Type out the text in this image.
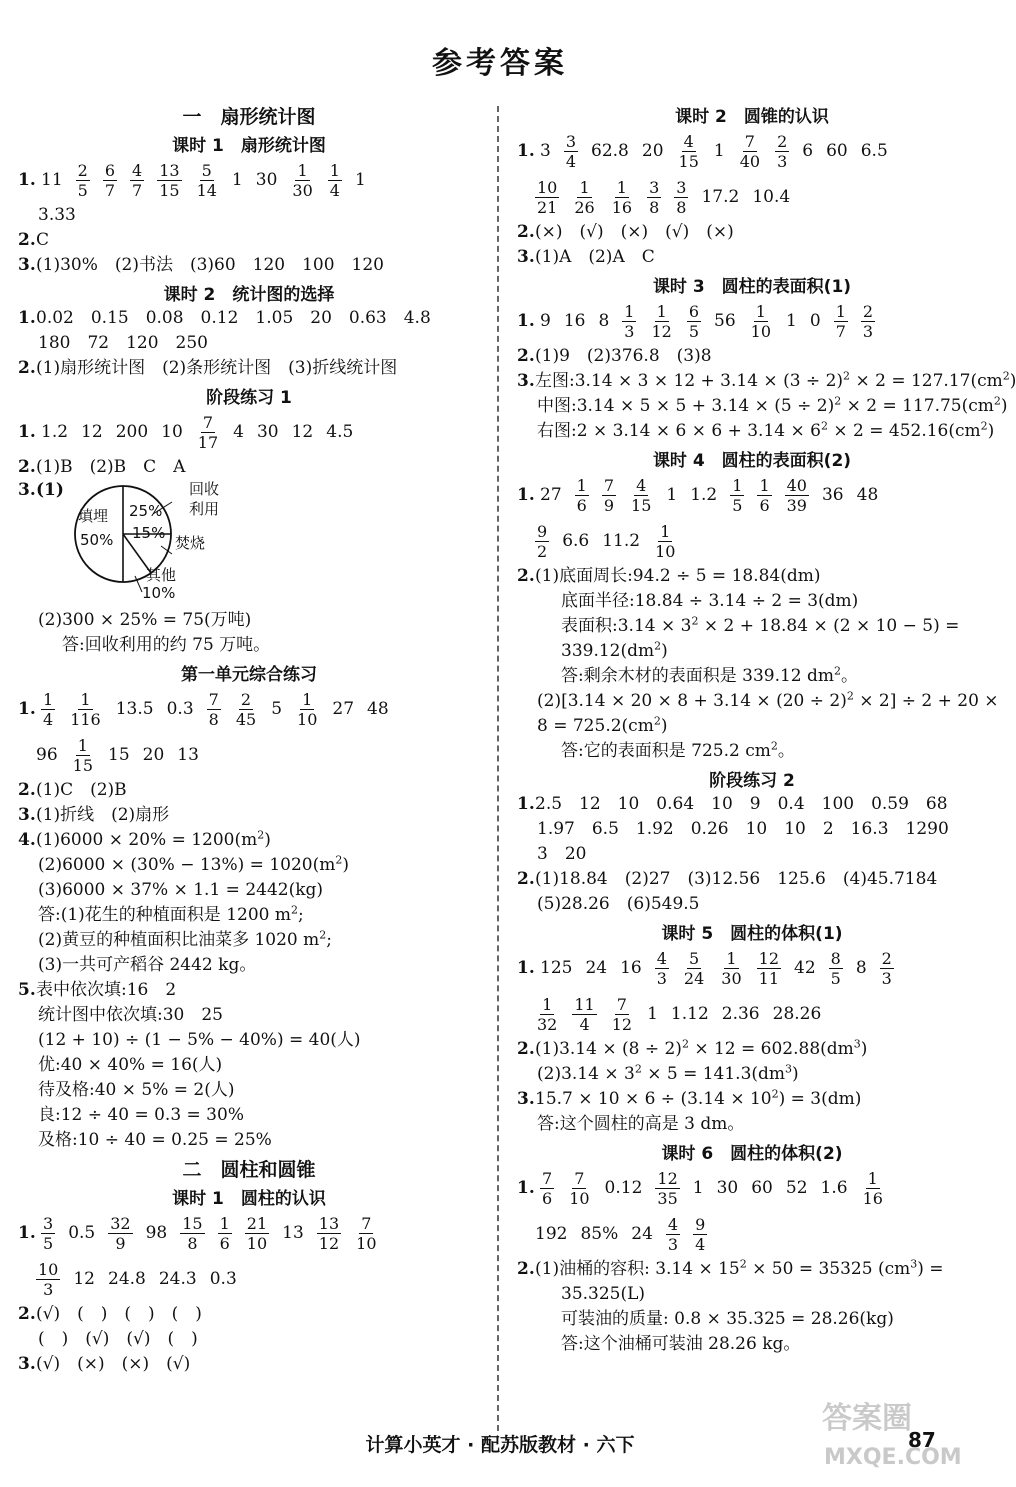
参考答案
一　扇形统计图
课时 1　扇形统计图
1. $11 \frac{2}{5} \frac{6}{7} \frac{4}{7} \frac{13}{15} \frac{5}{14} 1$ $30 \frac{1}{30} \frac{1}{4} 1$
3.33
2.C
3.(1)30%　(2)书法　(3)60　120　100　120
课时 2　统计图的选择
1.0.02　0.15　0.08　0.12　1.05　20　0.63　4.8
180　72　120　250
2.(1)扇形统计图　(2)条形统计图　(3)折线统计图
阶段练习 1
1. 1.2 12 200 $10 \frac{7}{17} 4$ 30 12 4.5
2.(1)B　(2)B　C　A
3.(1)	回收
利用
25%
填埋
50% 15%
焚烧
其他
10%
(2)300 × 25% = 75(万吨)
答:回收利用的约 75 万吨。
第一单元综合练习
1. $\frac{1}{4} \frac{1}{116} 13.5$ $0.3 \frac{7}{8} \frac{2}{45} 5 \frac{1}{10} 27$ 48
$96 \frac{1}{15} 15$ 20 13
2.(1)C　(2)B
3.(1)折线　(2)扇形
$4.(1)6000 \times 20\% = 1200(m^2)$
$(2)6000 \times (30\% - 13\%) = 1020(m^2)$
(3)6000 × 37% × 1.1 = 2442(kg)
答:(1)花生的种植面积是 1200 $m^2$;
(2)黄豆的种植面积比油菜多 1020 $m^2$;
(3)一共可产稻谷 2442 kg。
5.表中依次填:16　2
统计图中依次填:30　25
(12 + 10) ÷ (1 − 5% − 40%) = 40(人)
优:40 × 40% = 16(人)
待及格:40 × 5% = 2(人)
良:12 ÷ 40 = 0.3 = 30%
及格:10 ÷ 40 = 0.25 = 25%
二　圆柱和圆锥
课时 1　圆柱的认识
1. $\frac{3}{5} 0.5 \frac{32}{9} 98 \frac{15}{8} \frac{1}{6} \frac{21}{10} 13 \frac{13}{12} \frac{7}{10}$
$\frac{10}{3} 12$ 24.8 24.3 0.3
2.(√)　(　)　(　)　(　)
(　)　(√)　(√)　(　)
3.(√)　(×)　(×)　(√)
课时 2　圆锥的认识
1. $3 \frac{3}{4} 62.8$ $20 \frac{4}{15} 1 \frac{7}{40} \frac{2}{3} 6$ 60 6.5
$\frac{10}{21} \frac{1}{26} \frac{1}{16} \frac{3}{8} \frac{3}{8} 17.2$ 10.4
2.(×)　(√)　(×)　(√)　(×)
3.(1)A　(2)A　C
课时 3　圆柱的表面积(1)
1. 9 16 $8 \frac{1}{3} \frac{1}{12} \frac{6}{5} 56 \frac{1}{10} 1$ $0 \frac{1}{7} \frac{2}{3}$
2.(1)9　(2)376.8　(3)8
3.左图:3.14 × $3 \times 12 + 3.14 \times (3 \div 2)^2 \times 2 = 127.17(cm^2)$
中图:3.14 × $5 \times 5 + 3.14 \times (5 \div 2)^2 \times 2 = 117.75(cm^2)$
右图:2 × $3.14 \times 6 \times 6 + 3.14 \times 6^2 \times 2 = 452.16(cm^2)$
课时 4　圆柱的表面积(2)
1. $27 \frac{1}{6} \frac{7}{9} \frac{4}{15} 1$ $1.2 \frac{1}{5} \frac{1}{6} \frac{40}{39} 36$ 48
$\frac{9}{2} 6.6$ $11.2 \frac{1}{10}$
2.(1)底面周长:94.2 ÷ 5 = 18.84(dm)
底面半径:18.84 ÷ 3.14 ÷ 2 = 3(dm)
表面积:3.14 × $3^2 \times 2 + 18.84 \times (2 \times 10 - 5)$ =
$339.12(dm^2)$
答:剩余木材的表面积是 339.12 $dm^2$。
$(2)[3.14 \times 20 \times 8 + 3.14 \times (20 \div 2)^2 \times 2] \div 2 + 20$ ×
$8 = 725.2(cm^2)$
答:它的表面积是 725.2 $cm^2$。
阶段练习 2
1.2.5　12　10　0.64　10　9　0.4　100　0.59　68
1.97　6.5　1.92　0.26　10　10　2　16.3　1290
3　20
2.(1)18.84　(2)27　(3)12.56　125.6　(4)45.7184
(5)28.26　(6)549.5
课时 5　圆柱的体积(1)
1. 125 24 $16 \frac{4}{3} \frac{5}{24} \frac{1}{30} \frac{12}{11} 42 \frac{8}{5} 8 \frac{2}{3}$
$\frac{1}{32} \frac{11}{4} \frac{7}{12} 1$ 1.12 2.36 28.26
$2.(1)3.14 \times (8 \div 2)^2 \times 12 = 602.88(dm^3)$
$(2)3.14 \times 3^2 \times 5 = 141.3(dm^3)$
$3.15.7 \times 10 \times 6 \div (3.14 \times 10^2) = 3(dm)$
答:这个圆柱的高是 3 dm。
课时 6　圆柱的体积(2)
1. $\frac{7}{6} \frac{7}{10} 0.12 \frac{12}{35} 1$ 30 60 52 $1.6 \frac{1}{16}$
192 85% $24 \frac{4}{3} \frac{9}{4}$
2.(1)油桶的容积: $3.14 \times 15^2 \times 50 = 35325$ $(cm^3)$ =
35.325(L)
可装油的质量: 0.8 × 35.325 = 28.26(kg)
答:这个油桶可装油 28.26 kg。
计算小英才 · 配苏版教材 · 六下	87
答案圈
MXQE.COM
